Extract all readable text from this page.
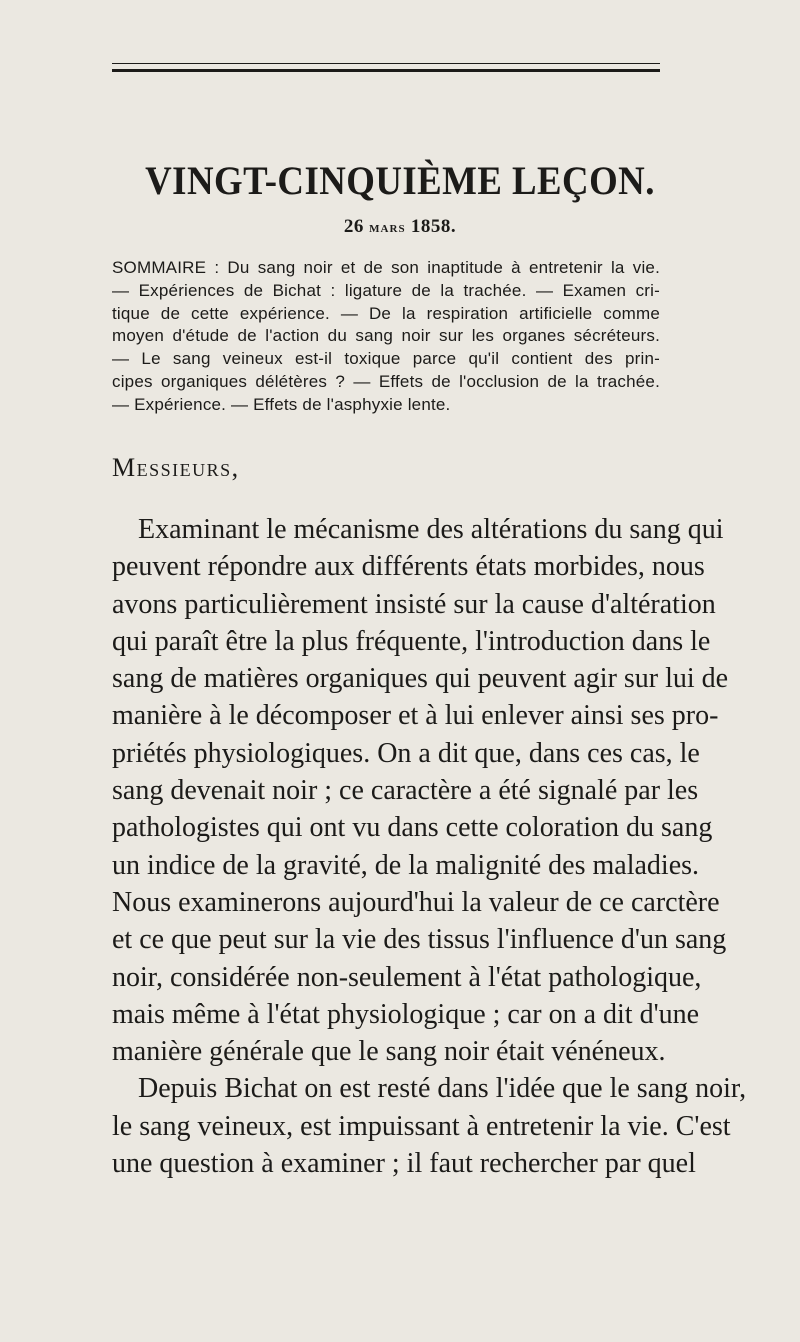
VINGT-CINQUIÈME LEÇON.
26 mars 1858.
SOMMAIRE : Du sang noir et de son inaptitude à entretenir la vie.
— Expériences de Bichat : ligature de la trachée. — Examen cri-
tique de cette expérience. — De la respiration artificielle comme
moyen d'étude de l'action du sang noir sur les organes sécréteurs.
— Le sang veineux est-il toxique parce qu'il contient des prin-
cipes organiques délétères ? — Effets de l'occlusion de la trachée.
— Expérience. — Effets de l'asphyxie lente.
Messieurs,
Examinant le mécanisme des altérations du sang qui
peuvent répondre aux différents états morbides, nous
avons particulièrement insisté sur la cause d'altération
qui paraît être la plus fréquente, l'introduction dans le
sang de matières organiques qui peuvent agir sur lui de
manière à le décomposer et à lui enlever ainsi ses pro-
priétés physiologiques. On a dit que, dans ces cas, le
sang devenait noir ; ce caractère a été signalé par les
pathologistes qui ont vu dans cette coloration du sang
un indice de la gravité, de la malignité des maladies.
Nous examinerons aujourd'hui la valeur de ce carctère
et ce que peut sur la vie des tissus l'influence d'un sang
noir, considérée non-seulement à l'état pathologique,
mais même à l'état physiologique ; car on a dit d'une
manière générale que le sang noir était vénéneux.
Depuis Bichat on est resté dans l'idée que le sang noir,
le sang veineux, est impuissant à entretenir la vie. C'est
une question à examiner ; il faut rechercher par quel
